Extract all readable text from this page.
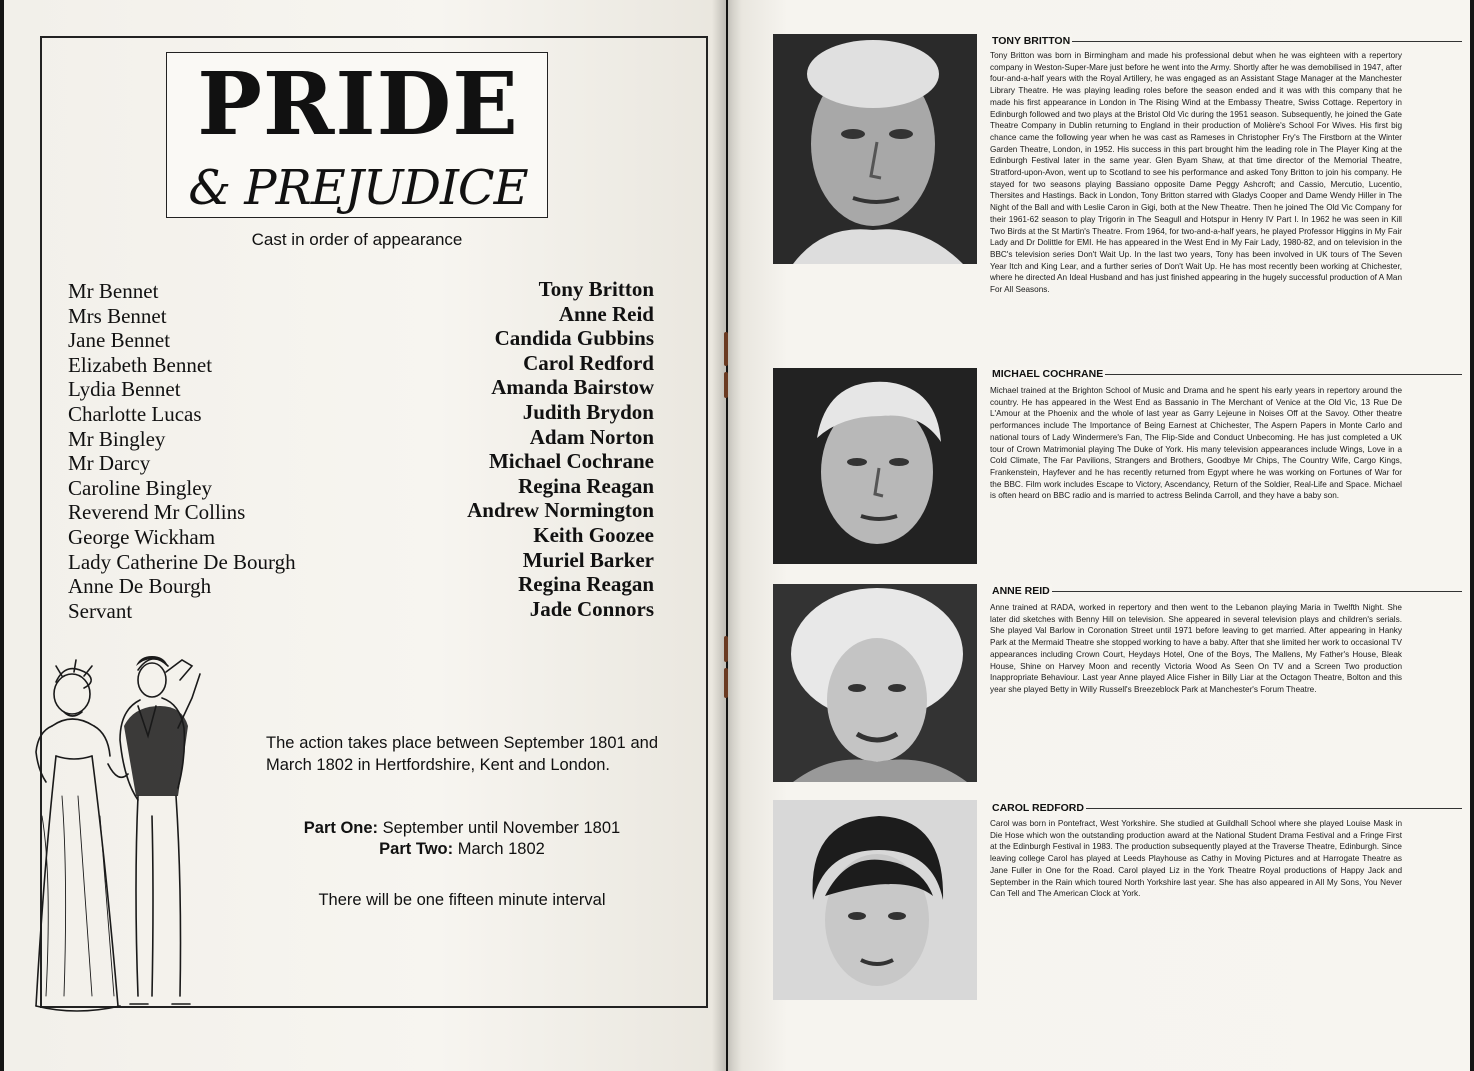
PRIDE
& PREJUDICE
Cast in order of appearance
Mr Bennet
Mrs Bennet
Jane Bennet
Elizabeth Bennet
Lydia Bennet
Charlotte Lucas
Mr Bingley
Mr Darcy
Caroline Bingley
Reverend Mr Collins
George Wickham
Lady Catherine De Bourgh
Anne De Bourgh
Servant
Tony Britton
Anne Reid
Candida Gubbins
Carol Redford
Amanda Bairstow
Judith Brydon
Adam Norton
Michael Cochrane
Regina Reagan
Andrew Normington
Keith Goozee
Muriel Barker
Regina Reagan
Jade Connors
The action takes place between September 1801 and March 1802 in Hertfordshire, Kent and London.
Part One: September until November 1801
Part Two: March 1802
There will be one fifteen minute interval
TONY BRITTON

Tony Britton was born in Birmingham and made his professional debut when he was eighteen with a repertory company in Weston-Super-Mare just before he went into the Army. Shortly after he was demobilised in 1947, after four-and-a-half years with the Royal Artillery, he was engaged as an Assistant Stage Manager at the Manchester Library Theatre. He was playing leading roles before the season ended and it was with this company that he made his first appearance in London in The Rising Wind at the Embassy Theatre, Swiss Cottage. Repertory in Edinburgh followed and two plays at the Bristol Old Vic during the 1951 season. Subsequently, he joined the Gate Theatre Company in Dublin returning to England in their production of Molière's School For Wives. His first big chance came the following year when he was cast as Rameses in Christopher Fry's The Firstborn at the Winter Garden Theatre, London, in 1952. His success in this part brought him the leading role in The Player King at the Edinburgh Festival later in the same year. Glen Byam Shaw, at that time director of the Memorial Theatre, Stratford-upon-Avon, went up to Scotland to see his performance and asked Tony Britton to join his company. He stayed for two seasons playing Bassiano opposite Dame Peggy Ashcroft; and Cassio, Mercutio, Lucentio, Thersites and Hastings. Back in London, Tony Britton starred with Gladys Cooper and Dame Wendy Hiller in The Night of the Ball and with Leslie Caron in Gigi, both at the New Theatre. Then he joined The Old Vic Company for their 1961-62 season to play Trigorin in The Seagull and Hotspur in Henry IV Part I. In 1962 he was seen in Kill Two Birds at the St Martin's Theatre. From 1964, for two-and-a-half years, he played Professor Higgins in My Fair Lady and Dr Dolittle for EMI. He has appeared in the West End in My Fair Lady, 1980-82, and on television in the BBC's television series Don't Wait Up. In the last two years, Tony has been involved in UK tours of The Seven Year Itch and King Lear, and a further series of Don't Wait Up. He has most recently been working at Chichester, where he directed An Ideal Husband and has just finished appearing in the hugely successful production of A Man For All Seasons.

MICHAEL COCHRANE

Michael trained at the Brighton School of Music and Drama and he spent his early years in repertory around the country. He has appeared in the West End as Bassanio in The Merchant of Venice at the Old Vic, 13 Rue De L'Amour at the Phoenix and the whole of last year as Garry Lejeune in Noises Off at the Savoy. Other theatre performances include The Importance of Being Earnest at Chichester, The Aspern Papers in Monte Carlo and national tours of Lady Windermere's Fan, The Flip-Side and Conduct Unbecoming. He has just completed a UK tour of Crown Matrimonial playing The Duke of York. His many television appearances include Wings, Love in a Cold Climate, The Far Pavilions, Strangers and Brothers, Goodbye Mr Chips, The Country Wife, Cargo Kings, Frankenstein, Hayfever and he has recently returned from Egypt where he was working on Fortunes of War for the BBC. Film work includes Escape to Victory, Ascendancy, Return of the Soldier, Real-Life and Space. Michael is often heard on BBC radio and is married to actress Belinda Carroll, and they have a baby son.

ANNE REID

Anne trained at RADA, worked in repertory and then went to the Lebanon playing Maria in Twelfth Night. She later did sketches with Benny Hill on television. She appeared in several television plays and children's serials. She played Val Barlow in Coronation Street until 1971 before leaving to get married. After appearing in Hanky Park at the Mermaid Theatre she stopped working to have a baby. After that she limited her work to occasional TV appearances including Crown Court, Heydays Hotel, One of the Boys, The Mallens, My Father's House, Bleak House, Shine on Harvey Moon and recently Victoria Wood As Seen On TV and a Screen Two production Inappropriate Behaviour. Last year Anne played Alice Fisher in Billy Liar at the Octagon Theatre, Bolton and this year she played Betty in Willy Russell's Breezeblock Park at Manchester's Forum Theatre.

CAROL REDFORD

Carol was born in Pontefract, West Yorkshire. She studied at Guildhall School where she played Louise Mask in Die Hose which won the outstanding production award at the National Student Drama Festival and a Fringe First at the Edinburgh Festival in 1983. The production subsequently played at the Traverse Theatre, Edinburgh. Since leaving college Carol has played at Leeds Playhouse as Cathy in Moving Pictures and at Harrogate Theatre as Jane Fuller in One for the Road. Carol played Liz in the York Theatre Royal productions of Happy Jack and September in the Rain which toured North Yorkshire last year. She has also appeared in All My Sons, You Never Can Tell and The American Clock at York.
